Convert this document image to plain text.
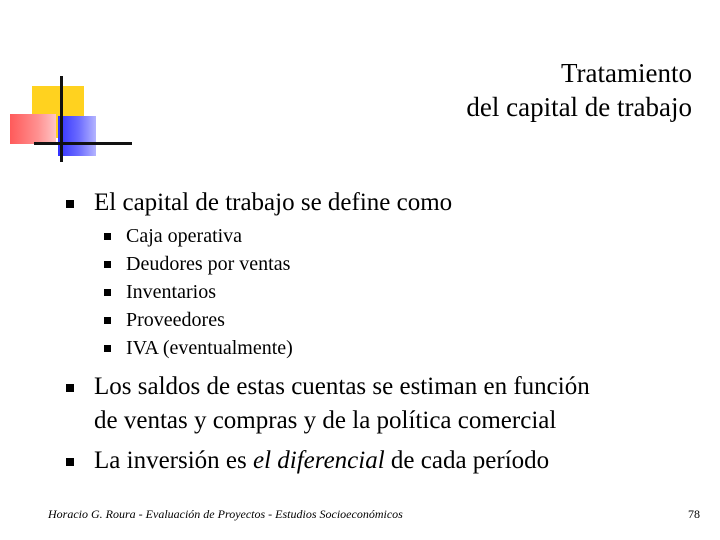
Tratamiento
del capital de trabajo
El capital de trabajo se define como
Caja operativa
Deudores por ventas
Inventarios
Proveedores
IVA (eventualmente)
Los saldos de estas cuentas se estiman en función
de ventas y compras y de la política comercial
La inversión es el diferencial de cada período
Horacio G. Roura - Evaluación de Proyectos - Estudios Socioeconómicos	78
